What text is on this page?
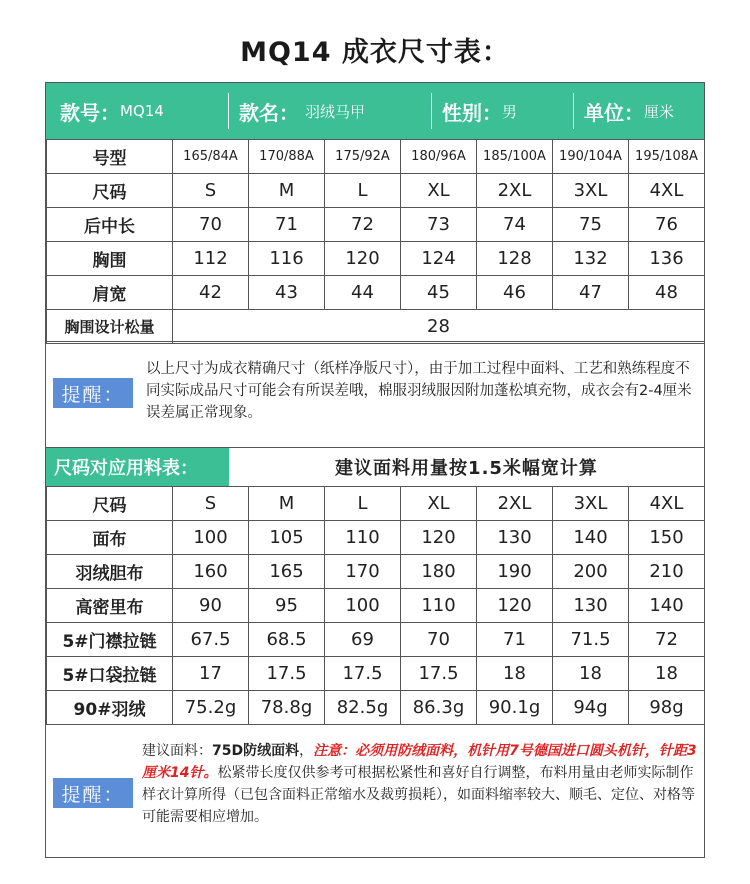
MQ14 成衣尺寸表：
款号： MQ14	款名： 羽绒马甲	性别： 男	单位： 厘米
号型	165/84A	170/88A	175/92A	180/96A	185/100A	190/104A	195/108A
尺码	S	M	L	XL	2XL	3XL	4XL
后中长	70	71	72	73	74	75	76
胸围	112	116	120	124	128	132	136
肩宽	42	43	44	45	46	47	48
胸围设计松量	28						
提醒：
以上尺寸为成衣精确尺寸（纸样净版尺寸），由于加工过程中面料、工艺和熟练程度不同实际成品尺寸可能会有所误差哦，棉服羽绒服因附加蓬松填充物，成衣会有2-4厘米误差属正常现象。
尺码对应用料表：	建议面料用量按1.5米幅宽计算
尺码	S	M	L	XL	2XL	3XL	4XL
面布	100	105	110	120	130	140	150
羽绒胆布	160	165	170	180	190	200	210
高密里布	90	95	100	110	120	130	140
5#门襟拉链	67.5	68.5	69	70	71	71.5	72
5#口袋拉链	17	17.5	17.5	17.5	18	18	18
90#羽绒	75.2g	78.8g	82.5g	86.3g	90.1g	94g	98g
提醒：
建议面料：75D防绒面料，注意：必须用防绒面料，机针用7号德国进口圆头机针，针距3厘米14针。松紧带长度仅供参考可根据松紧性和喜好自行调整，布料用量由老师实际制作样衣计算所得（已包含面料正常缩水及裁剪损耗），如面料缩率较大、顺毛、定位、对格等可能需要相应增加。
